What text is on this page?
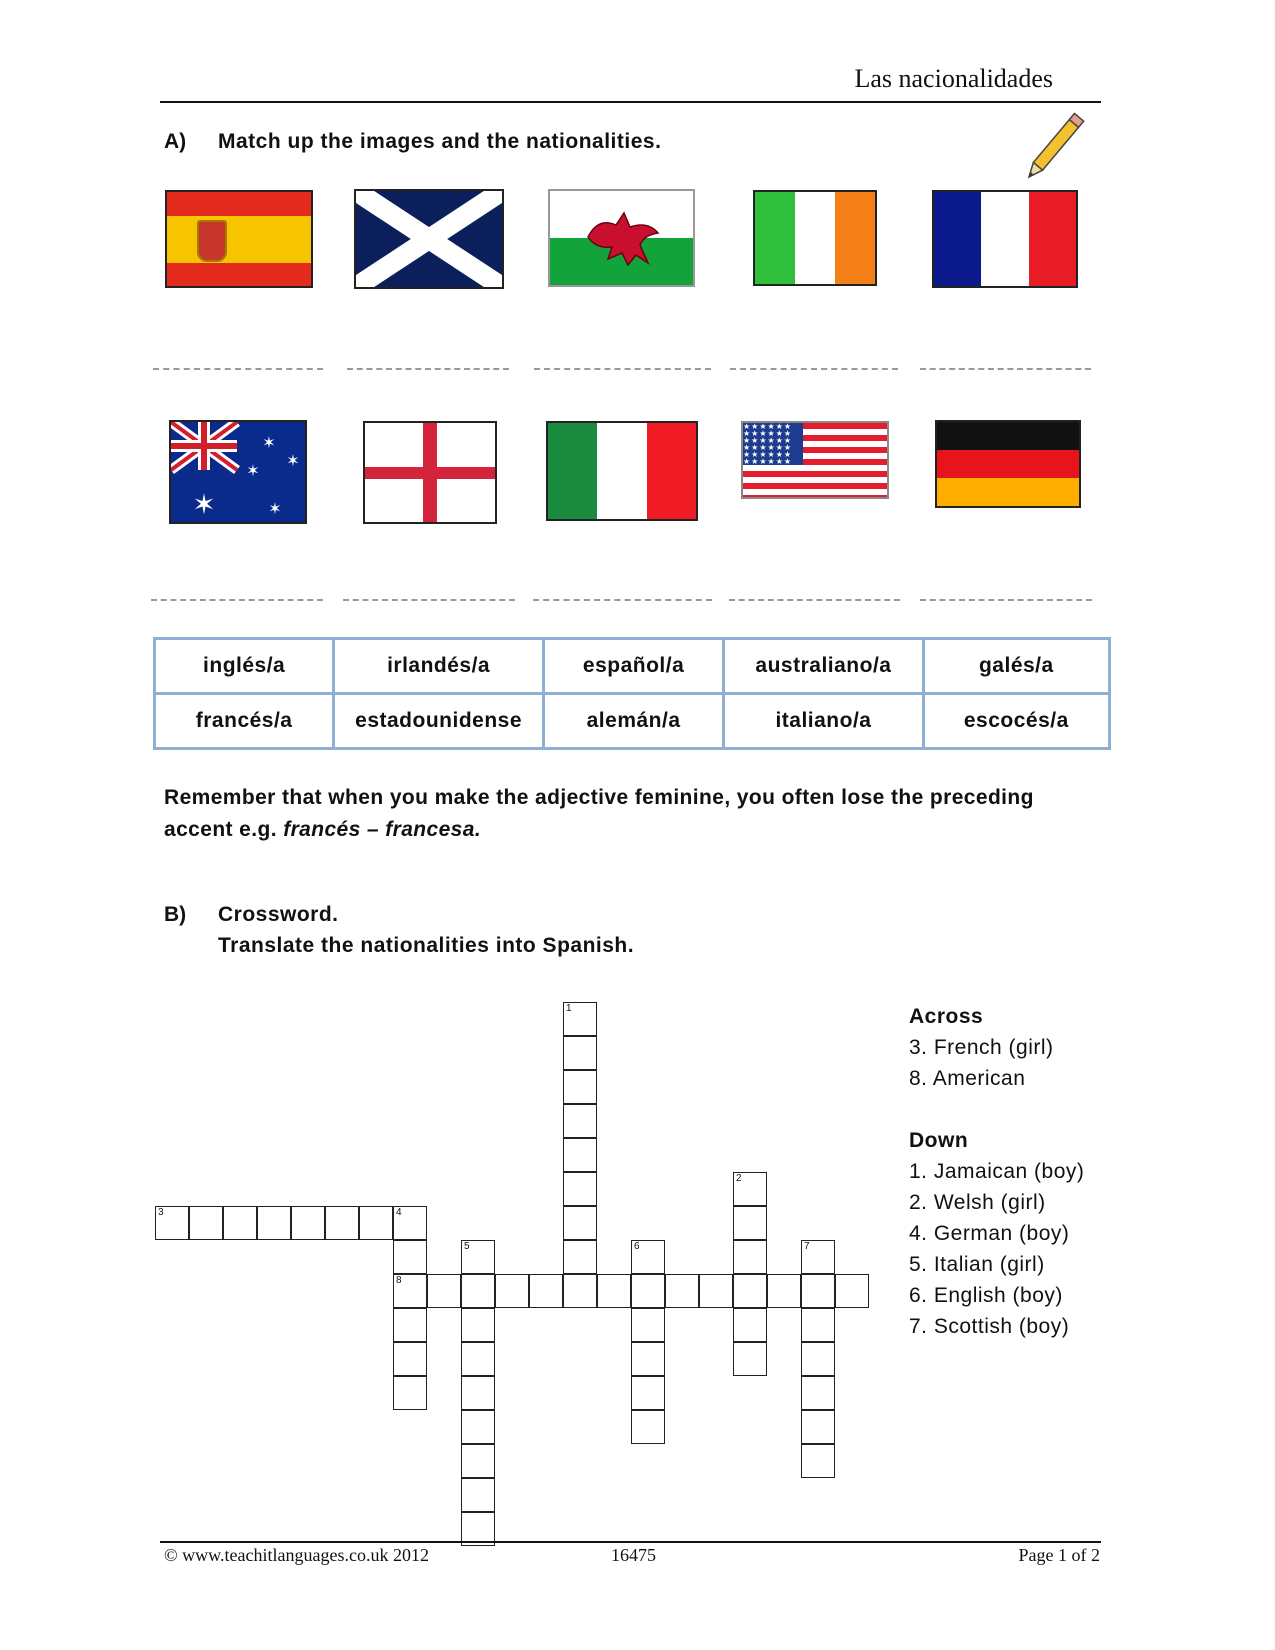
Las nacionalidades
A) Match up the images and the nationalities.
✶
✶
✶
✶
✶
★★★★★★
★★★★★★
★★★★★★
★★★★★★
★★★★★★
★★★★★★
inglés/a	irlandés/a	español/a	australiano/a	galés/a
francés/a	estadounidense	alemán/a	italiano/a	escocés/a
Remember that when you make the adjective feminine, you often lose the preceding accent e.g. francés – francesa.
B) Crossword.
Translate the nationalities into Spanish.
1
2
3	4
8
5	6	7
Across
3. French (girl)
8. American
Down
1. Jamaican (boy)
2. Welsh (girl)
4. German (boy)
5. Italian (girl)
6. English (boy)
7. Scottish (boy)
© www.teachitlanguages.co.uk 2012	16475	Page 1 of 2
